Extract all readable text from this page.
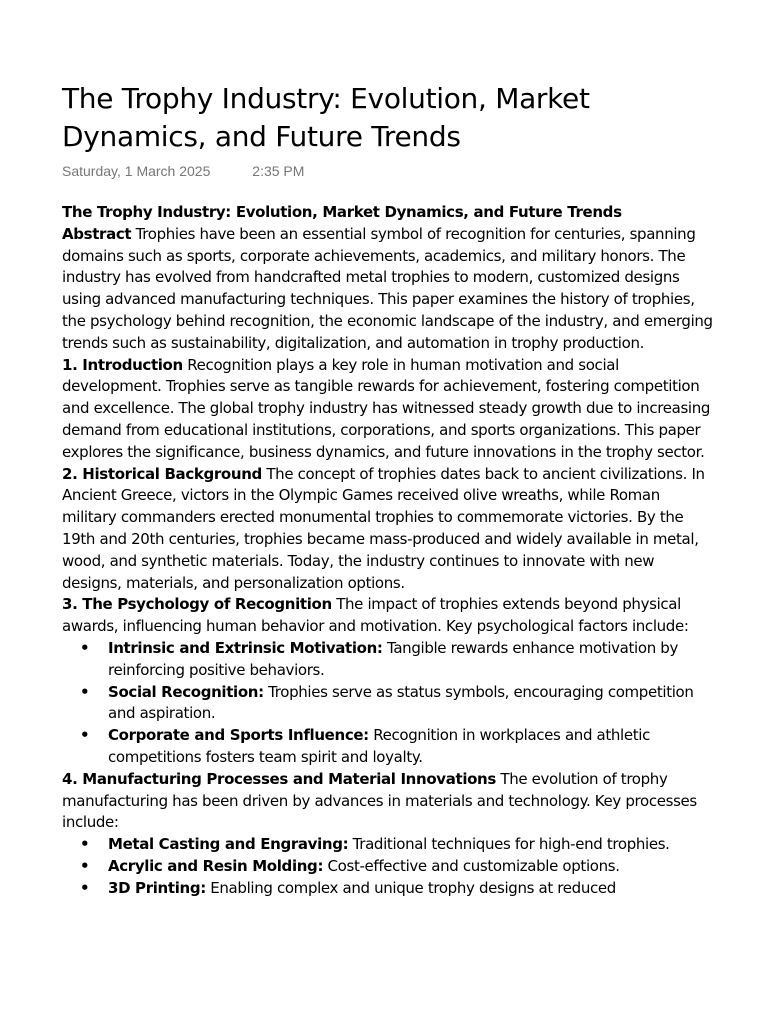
The Trophy Industry: Evolution, Market Dynamics, and Future Trends
Saturday, 1 March 2025	2:35 PM

The Trophy Industry: Evolution, Market Dynamics, and Future Trends

Abstract Trophies have been an essential symbol of recognition for centuries, spanning domains such as sports, corporate achievements, academics, and military honors. The industry has evolved from handcrafted metal trophies to modern, customized designs using advanced manufacturing techniques. This paper examines the history of trophies, the psychology behind recognition, the economic landscape of the industry, and emerging trends such as sustainability, digitalization, and automation in trophy production.

1. Introduction Recognition plays a key role in human motivation and social development. Trophies serve as tangible rewards for achievement, fostering competition and excellence. The global trophy industry has witnessed steady growth due to increasing demand from educational institutions, corporations, and sports organizations. This paper explores the significance, business dynamics, and future innovations in the trophy sector.

2. Historical Background The concept of trophies dates back to ancient civilizations. In Ancient Greece, victors in the Olympic Games received olive wreaths, while Roman military commanders erected monumental trophies to commemorate victories. By the 19th and 20th centuries, trophies became mass-produced and widely available in metal, wood, and synthetic materials. Today, the industry continues to innovate with new designs, materials, and personalization options.

3. The Psychology of Recognition The impact of trophies extends beyond physical awards, influencing human behavior and motivation. Key psychological factors include:

• Intrinsic and Extrinsic Motivation: Tangible rewards enhance motivation by reinforcing positive behaviors.
• Social Recognition: Trophies serve as status symbols, encouraging competition and aspiration.
• Corporate and Sports Influence: Recognition in workplaces and athletic competitions fosters team spirit and loyalty.

4. Manufacturing Processes and Material Innovations The evolution of trophy manufacturing has been driven by advances in materials and technology. Key processes include:

• Metal Casting and Engraving: Traditional techniques for high-end trophies.
• Acrylic and Resin Molding: Cost-effective and customizable options.
• 3D Printing: Enabling complex and unique trophy designs at reduced
